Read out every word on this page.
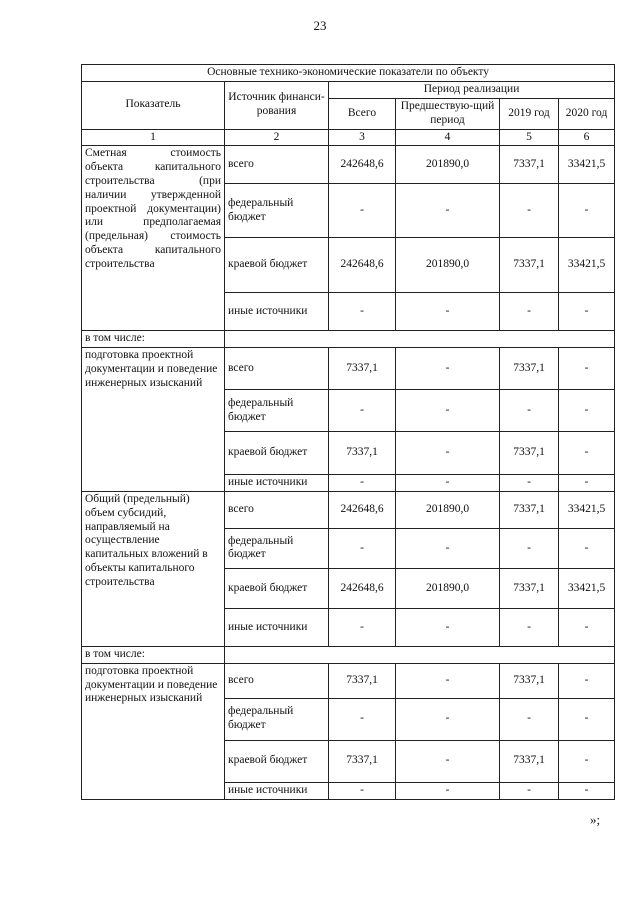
23
Основные технико-экономические показатели по объекту					
Показатель	Источник финанси-рования	Период реализации			
		Всего	Предшествую-щий период	2019 год	2020 год
1	2	3	4	5	6
Сметная стоимость объекта капитального строительства (при наличии утвержденной проектной документации) или предполагаемая (предельная) стоимость объекта капитального строительства	всего	242648,6	201890,0	7337,1	33421,5
	федеральный бюджет	-	-	-	-
	краевой бюджет	242648,6	201890,0	7337,1	33421,5
	иные источники	-	-	-	-
в том числе:					
подготовка проектной документации и поведение инженерных изысканий	всего	7337,1	-	7337,1	-
	федеральный бюджет	-	-	-	-
	краевой бюджет	7337,1	-	7337,1	-
	иные источники	-	-	-	-
Общий (предельный) объем субсидий, направляемый на осуществление капитальных вложений в объекты капитального строительства	всего	242648,6	201890,0	7337,1	33421,5
	федеральный бюджет	-	-	-	-
	краевой бюджет	242648,6	201890,0	7337,1	33421,5
	иные источники	-	-	-	-
в том числе:					
подготовка проектной документации и поведение инженерных изысканий	всего	7337,1	-	7337,1	-
	федеральный бюджет	-	-	-	-
	краевой бюджет	7337,1	-	7337,1	-
	иные источники	-	-	-	-
»;
